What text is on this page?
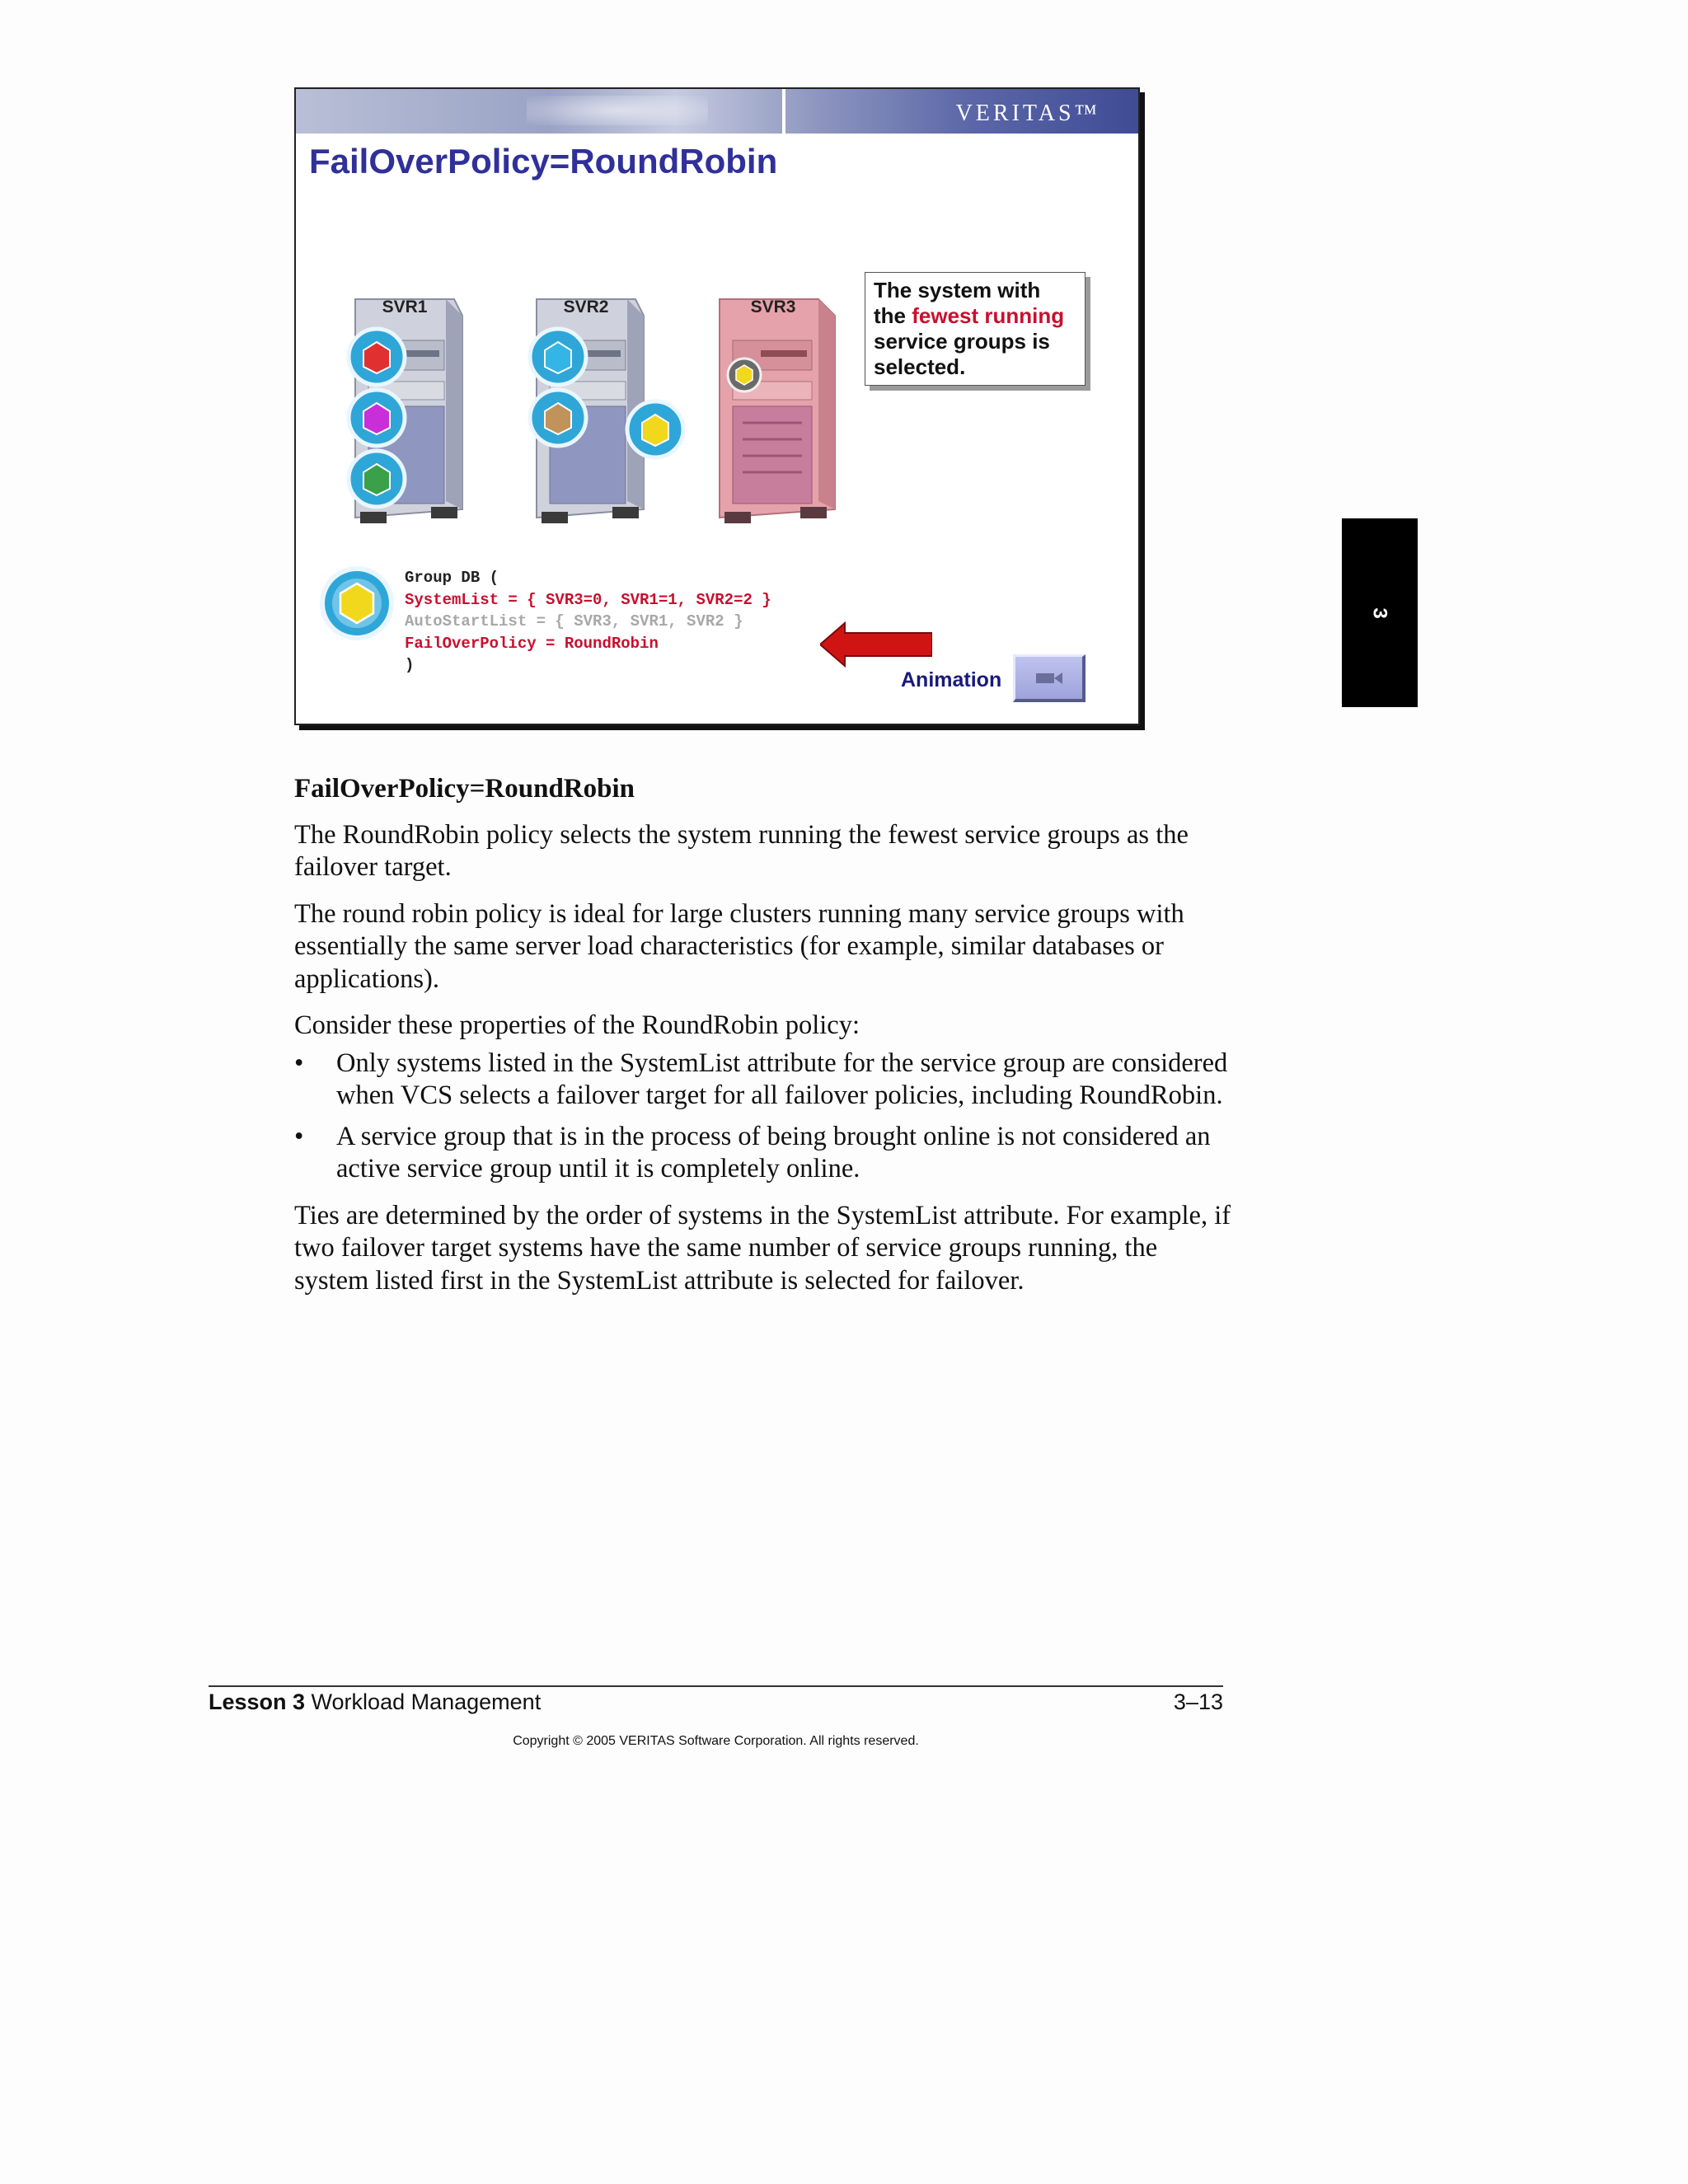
VERITAS™
FailOverPolicy=RoundRobin
SVR1	SVR2	SVR3
The system with
the fewest running
service groups is
selected.
Group DB (
SystemList = { SVR3=0, SVR1=1, SVR2=2 }
AutoStartList = { SVR3, SVR1, SVR2 }
FailOverPolicy = RoundRobin
)
Animation
3
FailOverPolicy=RoundRobin

The RoundRobin policy selects the system running the fewest service groups as the failover target.

The round robin policy is ideal for large clusters running many service groups with essentially the same server load characteristics (for example, similar databases or applications).

Consider these properties of the RoundRobin policy:

• Only systems listed in the SystemList attribute for the service group are considered when VCS selects a failover target for all failover policies, including RoundRobin.
• A service group that is in the process of being brought online is not considered an active service group until it is completely online.

Ties are determined by the order of systems in the SystemList attribute. For example, if two failover target systems have the same number of service groups running, the system listed first in the SystemList attribute is selected for failover.

Lesson 3 Workload Management	3–13
Copyright © 2005 VERITAS Software Corporation. All rights reserved.
